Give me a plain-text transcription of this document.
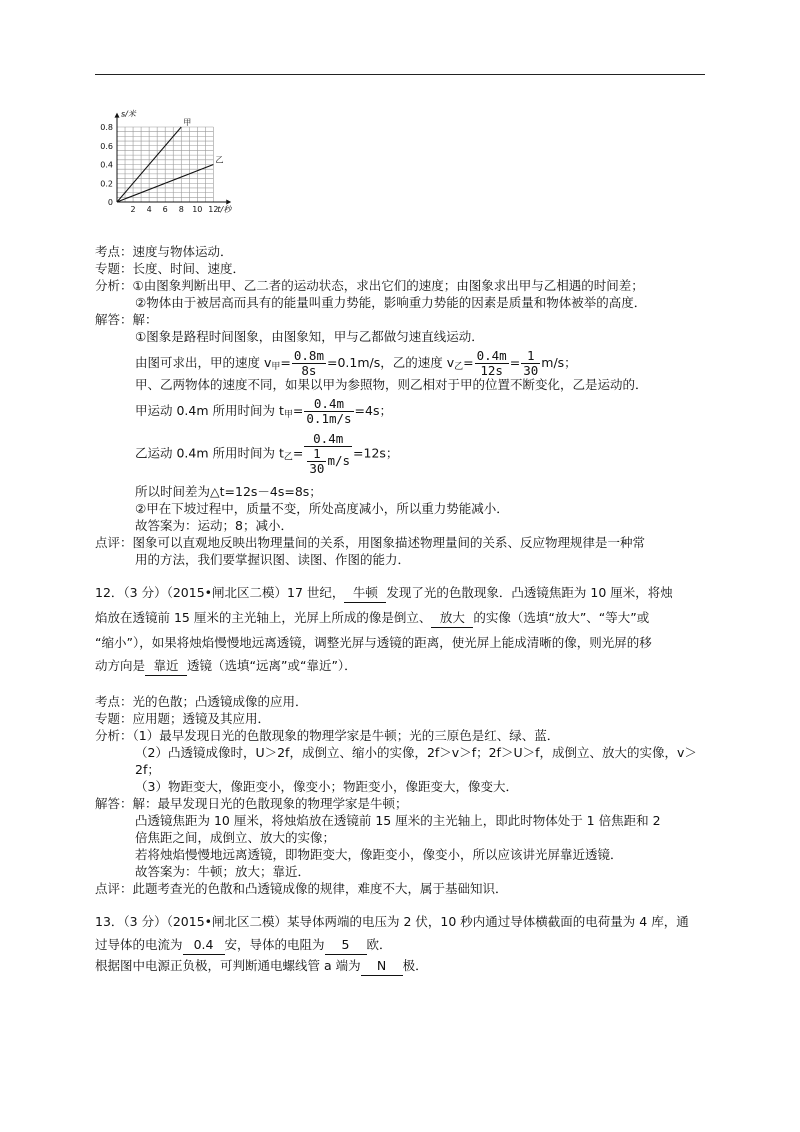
0.8
0.6
0.4
0.2
0
2 4 6 8 10 12
s/米
t/秒
甲
乙
考点：速度与物体运动．
专题：长度、时间、速度．
分析：①由图象判断出甲、乙二者的运动状态，求出它们的速度；由图象求出甲与乙相遇的时间差；
②物体由于被居高而具有的能量叫重力势能，影响重力势能的因素是质量和物体被举的高度．
解答：解：
①图象是路程时间图象，由图象知，甲与乙都做匀速直线运动．
由图可求出，甲的速度 $v_甲= \frac{0.8m}{8s} =0.1m/s$，乙的速度 $v_乙= \frac{0.4m}{12s} = \frac{1}{30} m/s$；
甲、乙两物体的速度不同，如果以甲为参照物，则乙相对于甲的位置不断变化，乙是运动的．
甲运动 0.4m 所用时间为 $t_甲= \frac{0.4m}{0.1m/s} =4s$；
乙运动 0.4m 所用时间为 $t_乙= \frac{0.4m}{\frac{1}{30} m/s} =12s$；
所以时间差为△t=12s－4s=8s；
②甲在下坡过程中，质量不变，所处高度减小，所以重力势能减小．
故答案为：运动；8；减小．
点评：图象可以直观地反映出物理量间的关系，用图象描述物理量间的关系、反应物理规律是一种常
用的方法，我们要掌握识图、读图、作图的能力．
12．（3 分）（2015•闸北区二模）17 世纪， 牛顿 发现了光的色散现象．凸透镜焦距为 10 厘米，将烛
焰放在透镜前 15 厘米的主光轴上，光屏上所成的像是倒立、 放大 的实像（选填“放大”、“等大”或
“缩小”），如果将烛焰慢慢地远离透镜，调整光屏与透镜的距离，使光屏上能成清晰的像，则光屏的移
动方向是 靠近 透镜（选填“远离”或“靠近”）．
考点：光的色散；凸透镜成像的应用．
专题：应用题；透镜及其应用．
分析：（1）最早发现日光的色散现象的物理学家是牛顿；光的三原色是红、绿、蓝．
（2）凸透镜成像时，U＞2f，成倒立、缩小的实像，2f＞v＞f；2f＞U＞f，成倒立、放大的实像，v＞
2f；
（3）物距变大，像距变小，像变小；物距变小，像距变大，像变大．
解答：解：最早发现日光的色散现象的物理学家是牛顿；
凸透镜焦距为 10 厘米，将烛焰放在透镜前 15 厘米的主光轴上，即此时物体处于 1 倍焦距和 2
倍焦距之间，成倒立、放大的实像；
若将烛焰慢慢地远离透镜，即物距变大，像距变小，像变小，所以应该讲光屏靠近透镜．
故答案为：牛顿；放大；靠近．
点评：此题考查光的色散和凸透镜成像的规律，难度不大，属于基础知识．
13．（3 分）（2015•闸北区二模）某导体两端的电压为 2 伏，10 秒内通过导体横截面的电荷量为 4 库，通
过导体的电流为 0.4 安，导体的电阻为 5 欧．
根据图中电源正负极，可判断通电螺线管 a 端为 N 极．
